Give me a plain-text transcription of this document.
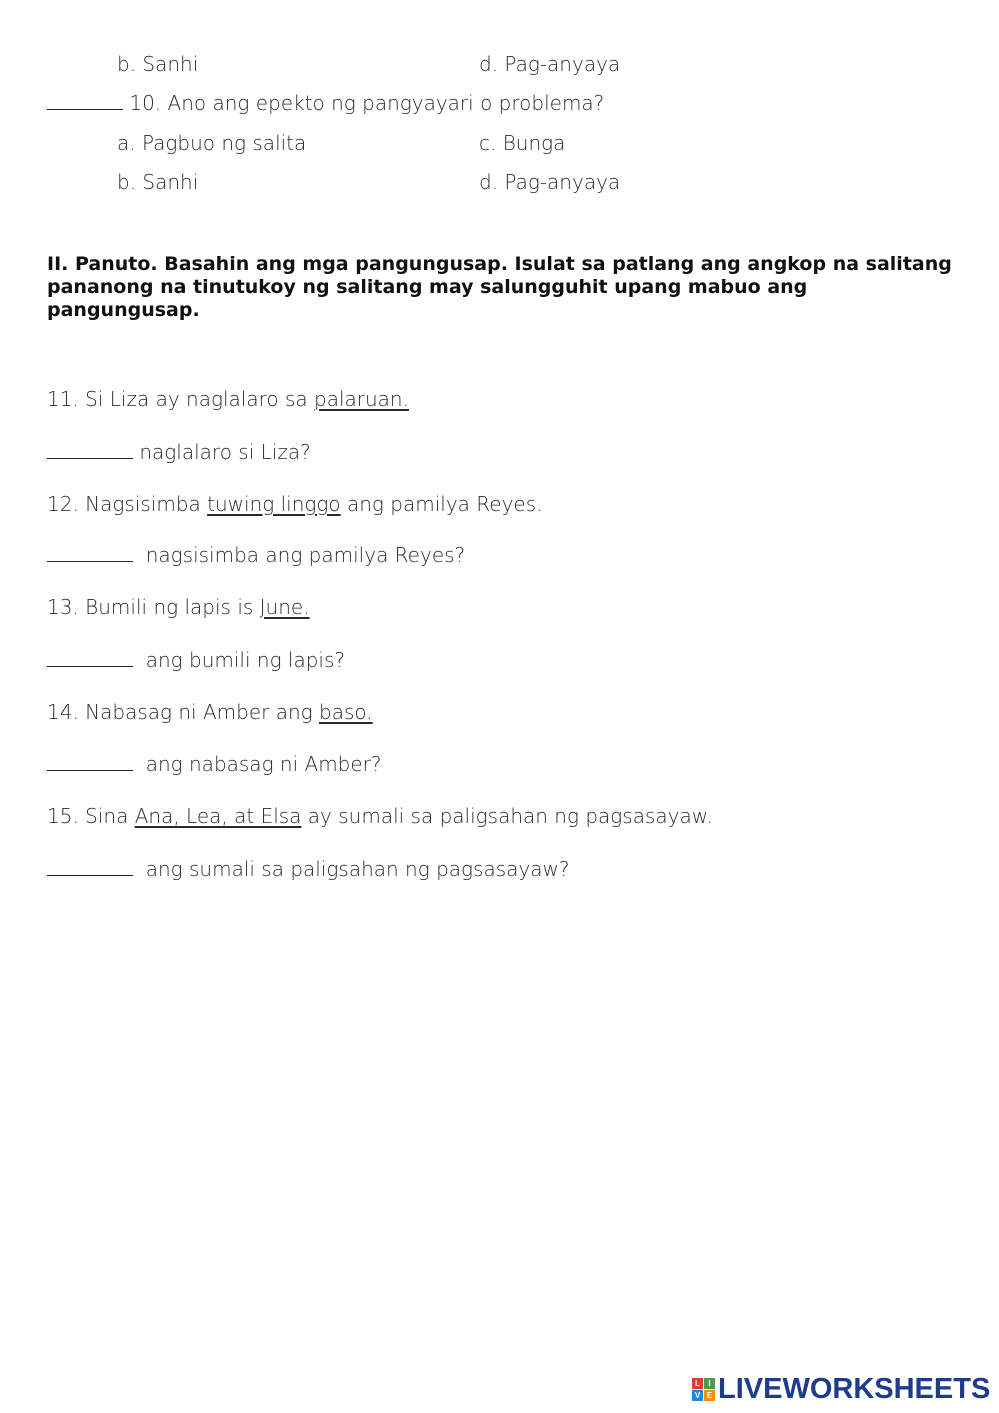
b. Sanhi	d. Pag-anyaya
10. Ano ang epekto ng pangyayari o problema?
a. Pagbuo ng salita	c. Bunga
b. Sanhi	d. Pag-anyaya
II. Panuto. Basahin ang mga pangungusap. Isulat sa patlang ang angkop na salitang pananong na tinutukoy ng salitang may salungguhit upang mabuo ang pangungusap.
11. Si Liza ay naglalaro sa palaruan.
naglalaro si Liza?
12. Nagsisimba tuwing linggo ang pamilya Reyes.
nagsisimba ang pamilya Reyes?
13. Bumili ng lapis is June.
ang bumili ng lapis?
14. Nabasag ni Amber ang baso.
ang nabasag ni Amber?
15. Sina Ana, Lea, at Elsa ay sumali sa paligsahan ng pagsasayaw.
ang sumali sa paligsahan ng pagsasayaw?
L	I
V E LIVEWORKSHEETS
